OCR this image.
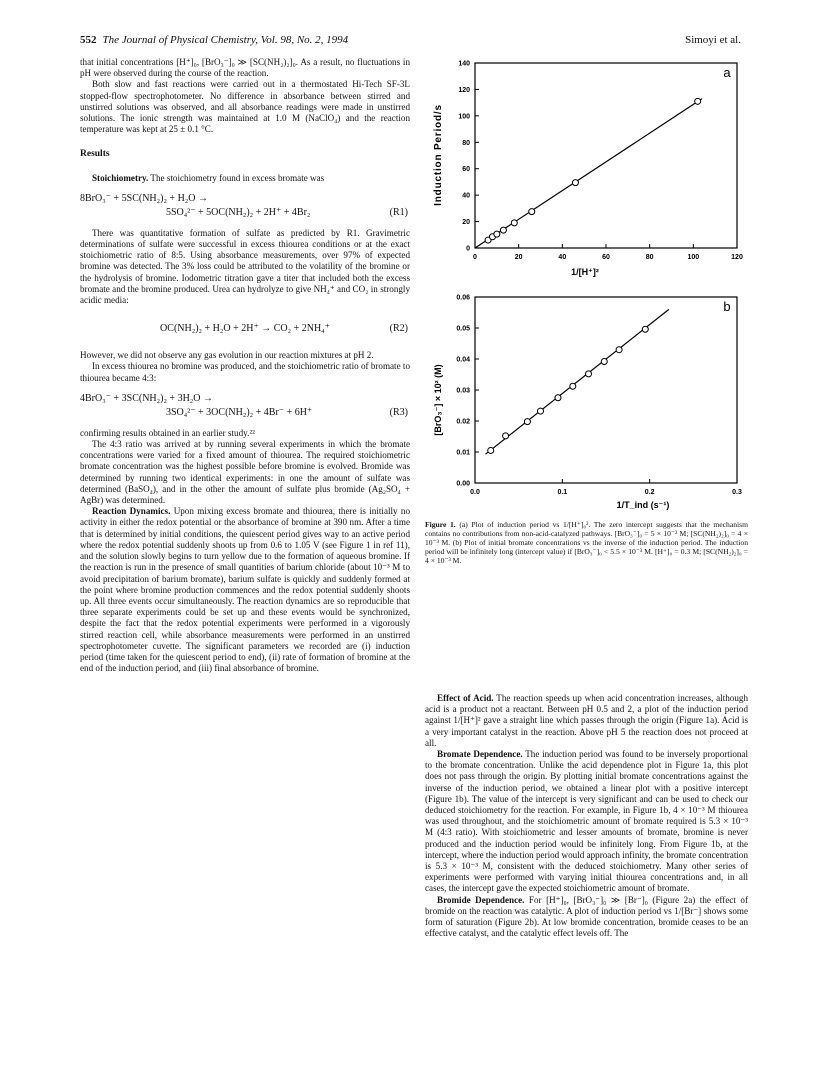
552 The Journal of Physical Chemistry, Vol. 98, No. 2, 1994	Simoyi et al.

that initial concentrations [H⁺]₀, [BrO₃⁻]₀ ≫ [SC(NH₂)₂]₀. As a result, no fluctuations in pH were observed during the course of the reaction.

Both slow and fast reactions were carried out in a thermostated Hi-Tech SF-3L stopped-flow spectrophotometer. No difference in absorbance between stirred and unstirred solutions was observed, and all absorbance readings were made in unstirred solutions. The ionic strength was maintained at 1.0 M (NaClO₄) and the reaction temperature was kept at 25 ± 0.1 °C.

Results

Stoichiometry. The stoichiometry found in excess bromate was

8BrO₃⁻ + 5SC(NH₂)₂ + H₂O →
5SO₄²⁻ + 5OC(NH₂)₂ + 2H⁺ + 4Br₂	(R1)

There was quantitative formation of sulfate as predicted by R1. Gravimetric determinations of sulfate were successful in excess thiourea conditions or at the exact stoichiometric ratio of 8:5. Using absorbance measurements, over 97% of expected bromine was detected. The 3% loss could be attributed to the volatility of the bromine or the hydrolysis of bromine. Iodometric titration gave a titer that included both the excess bromate and the bromine produced. Urea can hydrolyze to give NH₄⁺ and CO₂ in strongly acidic media:

OC(NH₂)₂ + H₂O + 2H⁺ → CO₂ + 2NH₄⁺	(R2)

However, we did not observe any gas evolution in our reaction mixtures at pH 2.

In excess thiourea no bromine was produced, and the stoichiometric ratio of bromate to thiourea became 4:3:

4BrO₃⁻ + 3SC(NH₂)₂ + 3H₂O →
3SO₄²⁻ + 3OC(NH₂)₂ + 4Br⁻ + 6H⁺	(R3)

confirming results obtained in an earlier study.²²

The 4:3 ratio was arrived at by running several experiments in which the bromate concentrations were varied for a fixed amount of thiourea. The required stoichiometric bromate concentration was the highest possible before bromine is evolved. Bromide was determined by running two identical experiments: in one the amount of sulfate was determined (BaSO₄), and in the other the amount of sulfate plus bromide (Ag₂SO₄ + AgBr) was determined.

Reaction Dynamics. Upon mixing excess bromate and thiourea, there is initially no activity in either the redox potential or the absorbance of bromine at 390 nm. After a time that is determined by initial conditions, the quiescent period gives way to an active period where the redox potential suddenly shoots up from 0.6 to 1.05 V (see Figure 1 in ref 11), and the solution slowly begins to turn yellow due to the formation of aqueous bromine. If the reaction is run in the presence of small quantities of barium chloride (about 10⁻³ M to avoid precipitation of barium bromate), barium sulfate is quickly and suddenly formed at the point where bromine production commences and the redox potential suddenly shoots up. All three events occur simultaneously. The reaction dynamics are so reproducible that three separate experiments could be set up and these events would be synchronized, despite the fact that the redox potential experiments were performed in a vigorously stirred reaction cell, while absorbance measurements were performed in an unstirred spectrophotometer cuvette. The significant parameters we recorded are (i) induction period (time taken for the quiescent period to end), (ii) rate of formation of bromine at the end of the induction period, and (iii) final absorbance of bromine.

0	20	40	60	80	100	120
0
20
40
60
80
100
120
140
a
1/[H⁺]²
Induction Period/s
0.0	0.1	0.2	0.3
0.00
0.01
0.02
0.03
0.04
0.05
0.06
b
1/T_ind (s⁻¹)
[BrO₃⁻] × 10² (M)
Figure 1. (a) Plot of induction period vs 1/[H⁺]₀². The zero intercept suggests that the mechanism contains no contributions from non-acid-catalyzed pathways. [BrO₃⁻]₀ = 5 × 10⁻² M; [SC(NH₂)₂]₀ = 4 × 10⁻³ M. (b) Plot of initial bromate concentrations vs the inverse of the induction period. The induction period will be infinitely long (intercept value) if [BrO₃⁻]₀ < 5.5 × 10⁻³ M. [H⁺]₀ = 0.3 M; [SC(NH₂)₂]₀ = 4 × 10⁻³ M.

Effect of Acid. The reaction speeds up when acid concentration increases, although acid is a product not a reactant. Between pH 0.5 and 2, a plot of the induction period against 1/[H⁺]² gave a straight line which passes through the origin (Figure 1a). Acid is a very important catalyst in the reaction. Above pH 5 the reaction does not proceed at all.

Bromate Dependence. The induction period was found to be inversely proportional to the bromate concentration. Unlike the acid dependence plot in Figure 1a, this plot does not pass through the origin. By plotting initial bromate concentrations against the inverse of the induction period, we obtained a linear plot with a positive intercept (Figure 1b). The value of the intercept is very significant and can be used to check our deduced stoichiometry for the reaction. For example, in Figure 1b, 4 × 10⁻³ M thiourea was used throughout, and the stoichiometric amount of bromate required is 5.3 × 10⁻³ M (4:3 ratio). With stoichiometric and lesser amounts of bromate, bromine is never produced and the induction period would be infinitely long. From Figure 1b, at the intercept, where the induction period would approach infinity, the bromate concentration is 5.3 × 10⁻³ M, consistent with the deduced stoichiometry. Many other series of experiments were performed with varying initial thiourea concentrations and, in all cases, the intercept gave the expected stoichiometric amount of bromate.

Bromide Dependence. For [H⁺]₀, [BrO₃⁻]₀ ≫ [Br⁻]₀ (Figure 2a) the effect of bromide on the reaction was catalytic. A plot of induction period vs 1/[Br⁻] shows some form of saturation (Figure 2b). At low bromide concentration, bromide ceases to be an effective catalyst, and the catalytic effect levels off. The
